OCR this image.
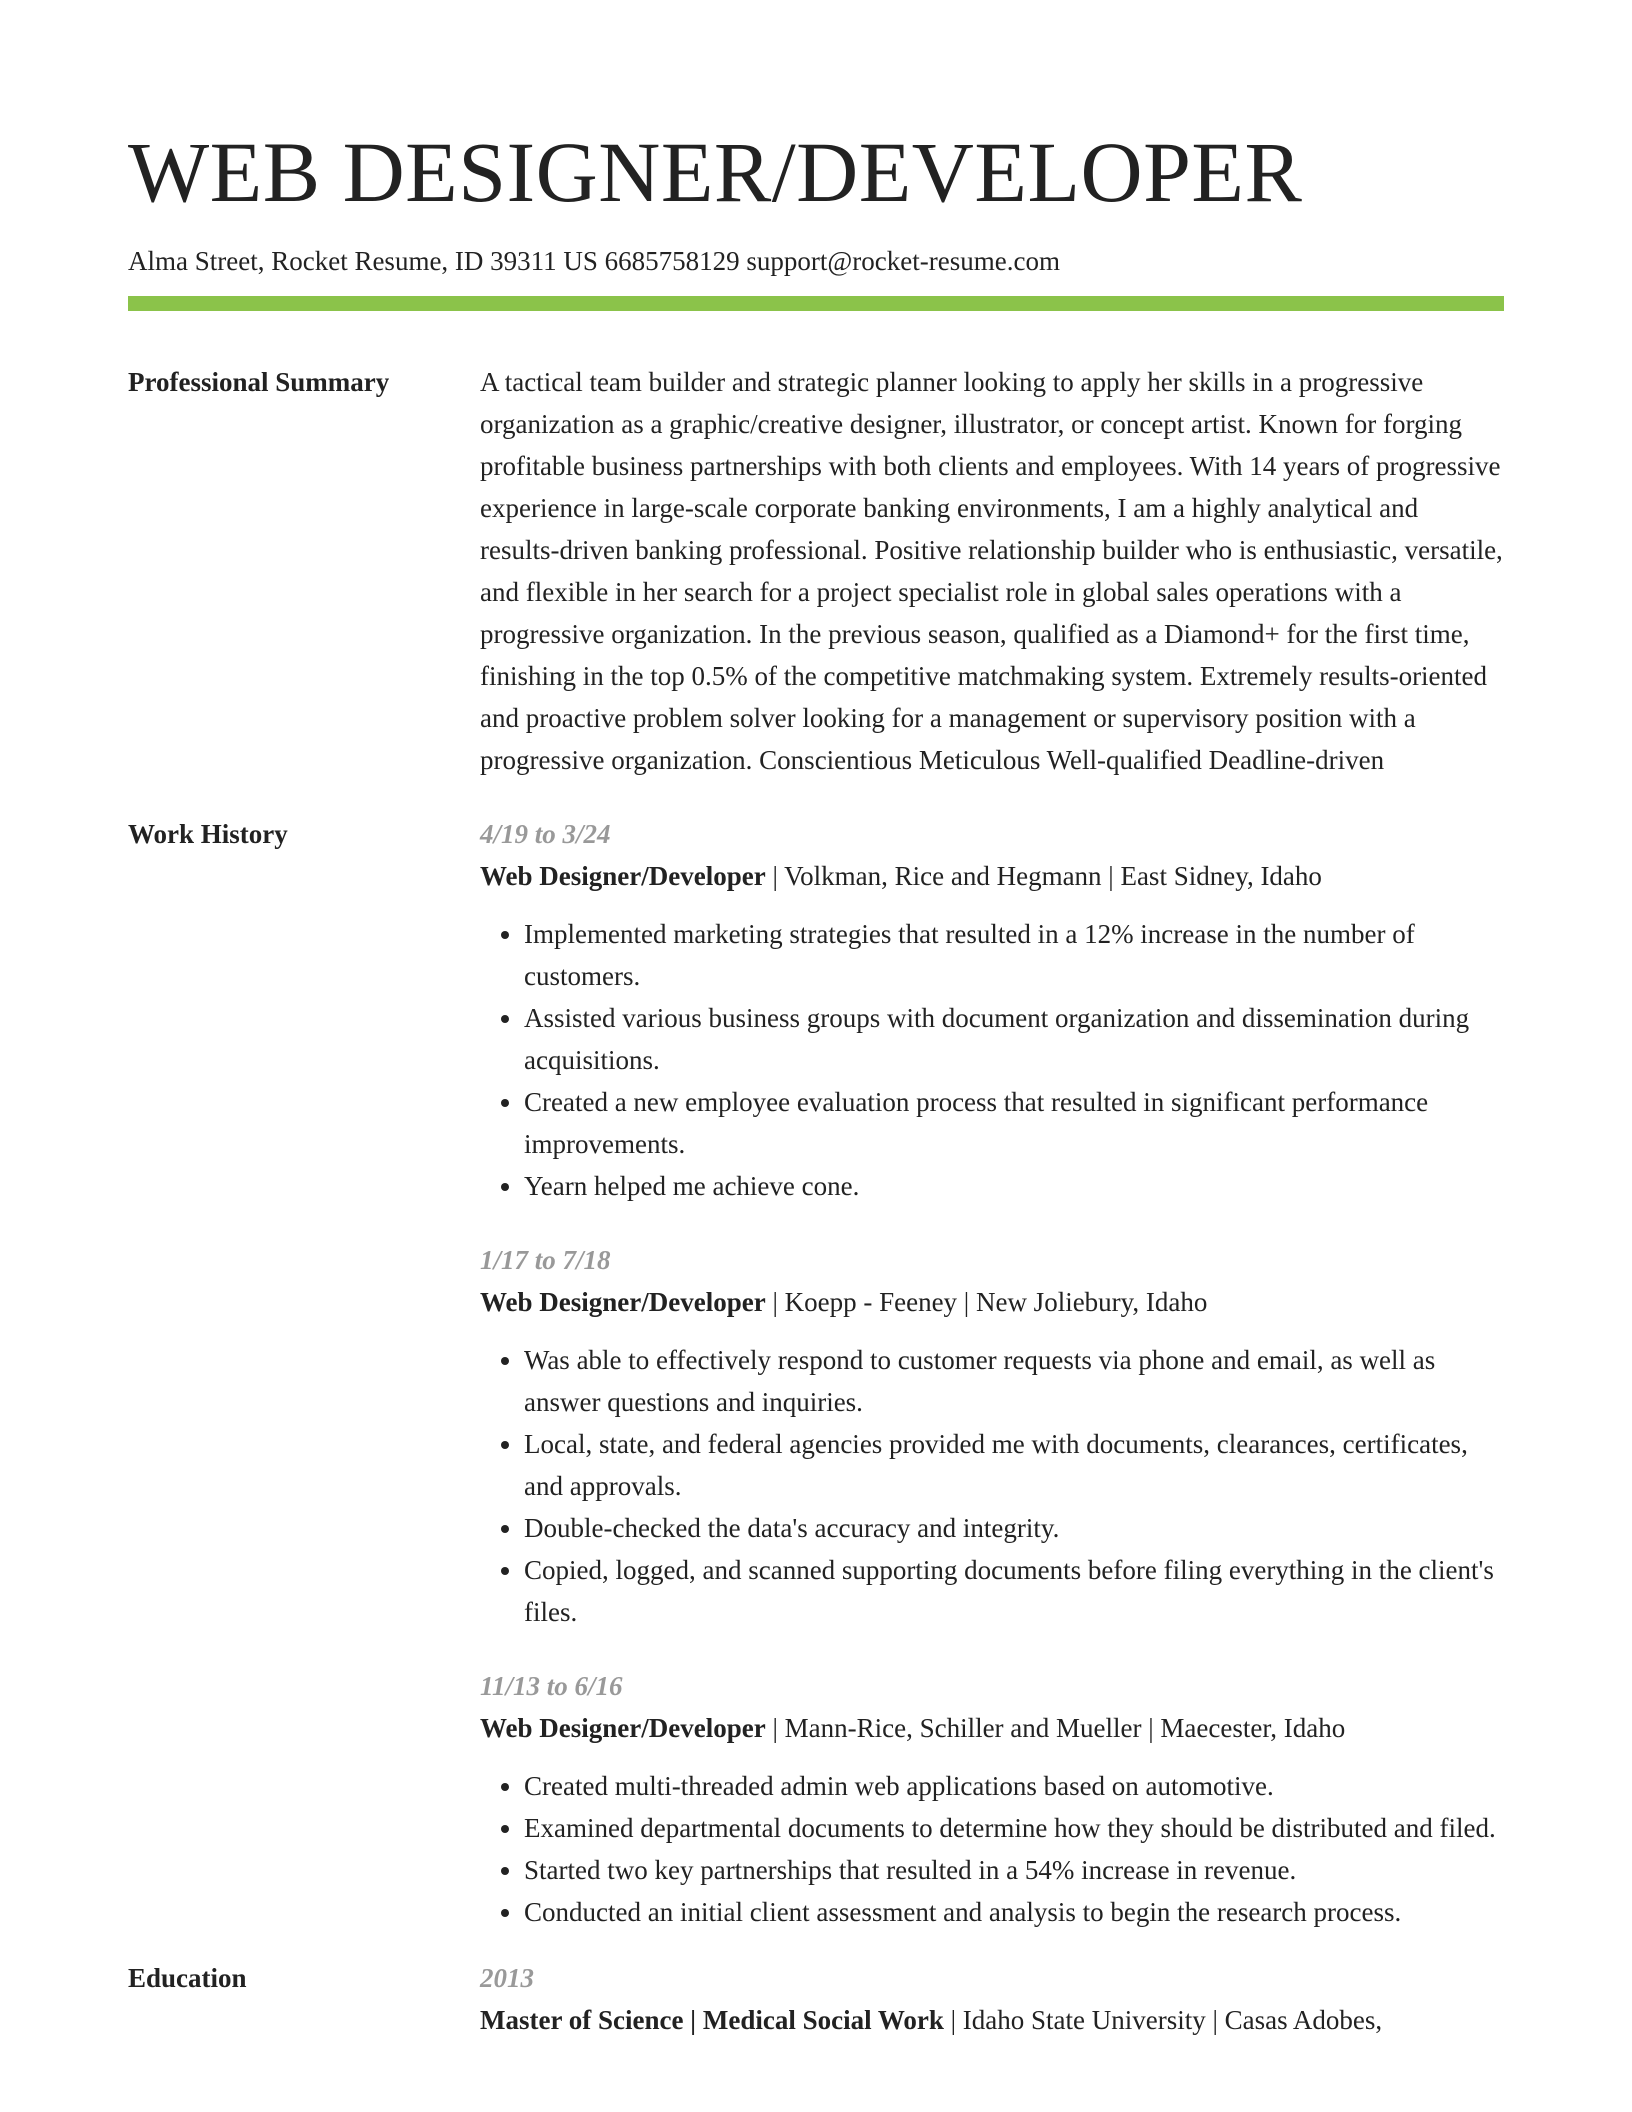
WEB DESIGNER/DEVELOPER
Alma Street, Rocket Resume, ID 39311 US 6685758129 support@rocket-resume.com
Professional Summary	A tactical team builder and strategic planner looking to apply her skills in a progressive organization as a graphic/creative designer, illustrator, or concept artist. Known for forging profitable business partnerships with both clients and employees. With 14 years of progressive experience in large-scale corporate banking environments, I am a highly analytical and results-driven banking professional. Positive relationship builder who is enthusiastic, versatile, and flexible in her search for a project specialist role in global sales operations with a progressive organization. In the previous season, qualified as a Diamond+ for the first time, finishing in the top 0.5% of the competitive matchmaking system. Extremely results-oriented and proactive problem solver looking for a management or supervisory position with a progressive organization. Conscientious Meticulous Well-qualified Deadline-driven

Work History	4/19 to 3/24
Web Designer/Developer | Volkman, Rice and Hegmann | East Sidney, Idaho
• Implemented marketing strategies that resulted in a 12% increase in the number of customers.
• Assisted various business groups with document organization and dissemination during acquisitions.
• Created a new employee evaluation process that resulted in significant performance improvements.
• Yearn helped me achieve cone.
1/17 to 7/18
Web Designer/Developer | Koepp - Feeney | New Joliebury, Idaho
• Was able to effectively respond to customer requests via phone and email, as well as answer questions and inquiries.
• Local, state, and federal agencies provided me with documents, clearances, certificates, and approvals.
• Double-checked the data's accuracy and integrity.
• Copied, logged, and scanned supporting documents before filing everything in the client's files.
11/13 to 6/16
Web Designer/Developer | Mann-Rice, Schiller and Mueller | Maecester, Idaho
• Created multi-threaded admin web applications based on automotive.
• Examined departmental documents to determine how they should be distributed and filed.
• Started two key partnerships that resulted in a 54% increase in revenue.
• Conducted an initial client assessment and analysis to begin the research process.
Education	2013
Master of Science | Medical Social Work | Idaho State University | Casas Adobes,
